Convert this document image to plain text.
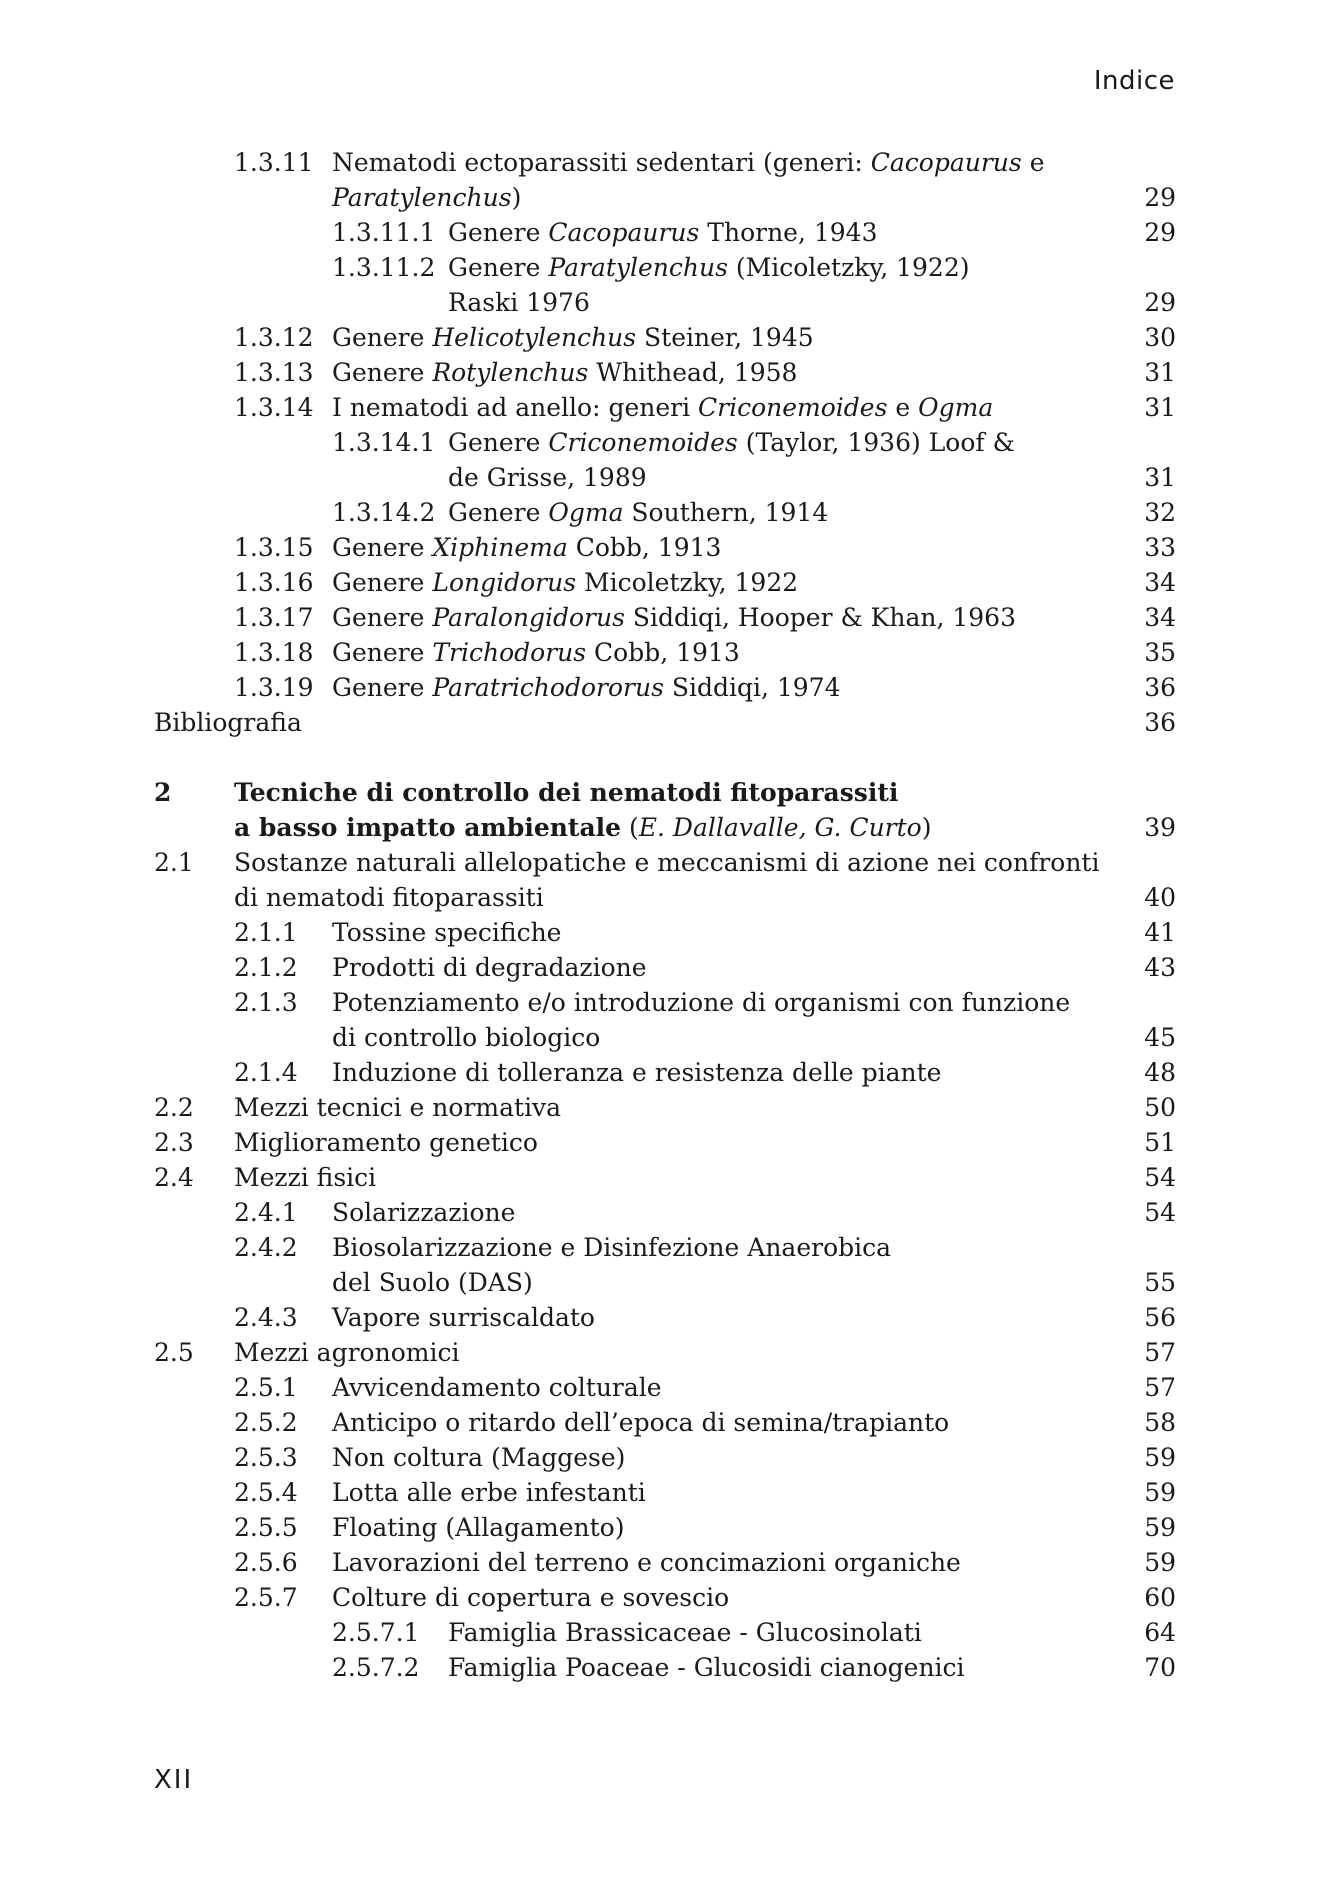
Indice
1.3.11 Nematodi ectoparassiti sedentari (generi: Cacopaurus e
Paratylenchus)	29
1.3.11.1 Genere Cacopaurus Thorne, 1943	29
1.3.11.2 Genere Paratylenchus (Micoletzky, 1922)
Raski 1976	29
1.3.12 Genere Helicotylenchus Steiner, 1945	30
1.3.13 Genere Rotylenchus Whithead, 1958	31
1.3.14 I nematodi ad anello: generi Criconemoides e Ogma	31
1.3.14.1 Genere Criconemoides (Taylor, 1936) Loof &
de Grisse, 1989	31
1.3.14.2 Genere Ogma Southern, 1914	32
1.3.15 Genere Xiphinema Cobb, 1913	33
1.3.16 Genere Longidorus Micoletzky, 1922	34
1.3.17 Genere Paralongidorus Siddiqi, Hooper & Khan, 1963	34
1.3.18 Genere Trichodorus Cobb, 1913	35
1.3.19 Genere Paratrichodororus Siddiqi, 1974	36
Bibliografia	36
2	Tecniche di controllo dei nematodi fitoparassiti
a basso impatto ambientale (E. Dallavalle, G. Curto)	39
2.1 Sostanze naturali allelopatiche e meccanismi di azione nei confronti
di nematodi fitoparassiti	40
2.1.1 Tossine specifiche	41
2.1.2 Prodotti di degradazione	43
2.1.3 Potenziamento e/o introduzione di organismi con funzione
di controllo biologico	45
2.1.4 Induzione di tolleranza e resistenza delle piante	48
2.2 Mezzi tecnici e normativa	50
2.3 Miglioramento genetico	51
2.4 Mezzi fisici	54
2.4.1 Solarizzazione	54
2.4.2 Biosolarizzazione e Disinfezione Anaerobica
del Suolo (DAS)	55
2.4.3 Vapore surriscaldato	56
2.5 Mezzi agronomici	57
2.5.1 Avvicendamento colturale	57
2.5.2 Anticipo o ritardo dell’epoca di semina/trapianto	58
2.5.3 Non coltura (Maggese)	59
2.5.4 Lotta alle erbe infestanti	59
2.5.5 Floating (Allagamento)	59
2.5.6 Lavorazioni del terreno e concimazioni organiche	59
2.5.7 Colture di copertura e sovescio	60
2.5.7.1 Famiglia Brassicaceae - Glucosinolati	64
2.5.7.2 Famiglia Poaceae - Glucosidi cianogenici	70
XII
